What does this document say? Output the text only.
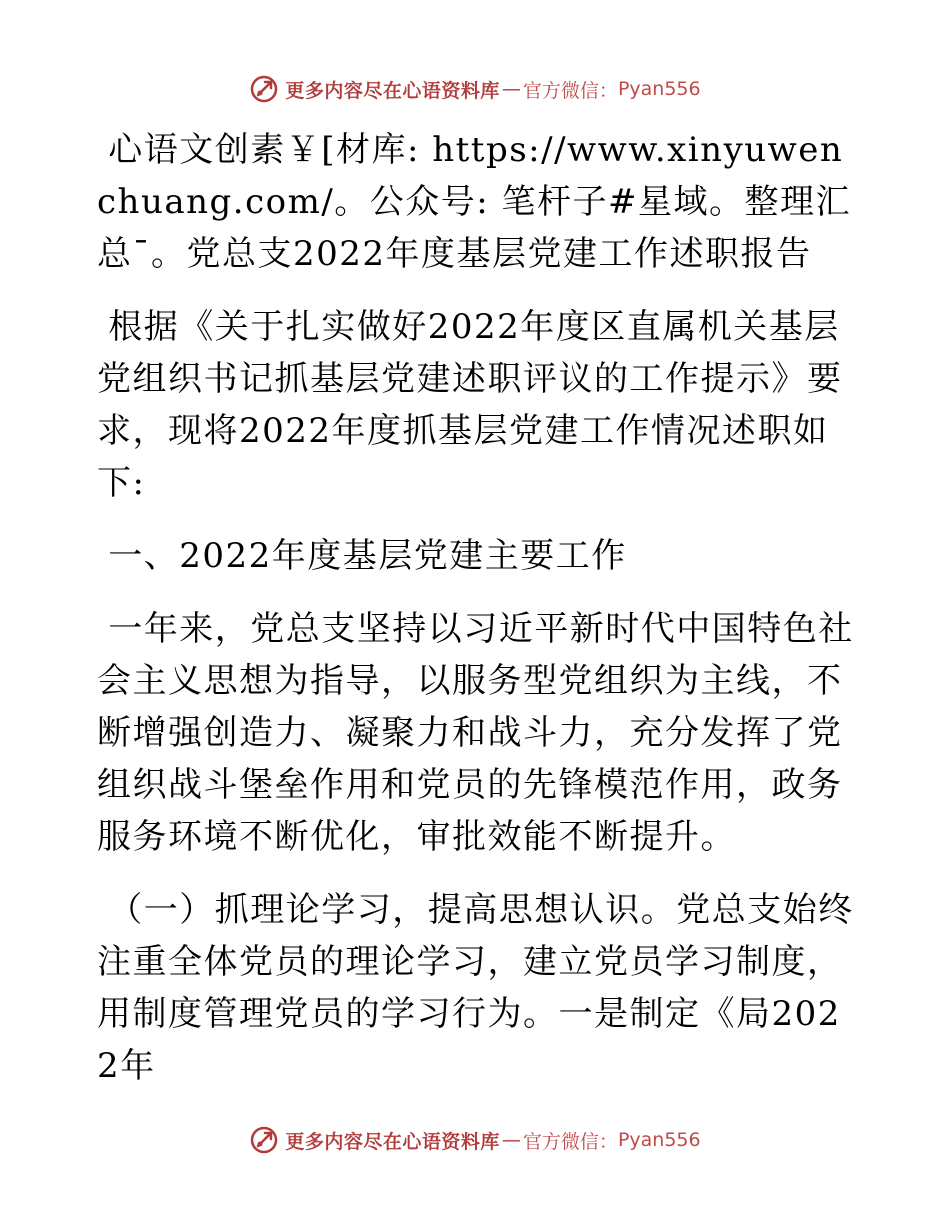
更多内容尽在心语资料库 — 官方微信： Pyan556

心语文创素￥[材库: https://www.xinyuwenchuang.com/。公众号: 笔杆子#星域。整理汇总¯。党总支2022年度基层党建工作述职报告

根据《关于扎实做好2022年度区直属机关基层党组织书记抓基层党建述职评议的工作提示》要求，现将2022年度抓基层党建工作情况述职如下:

一、2022年度基层党建主要工作

一年来，党总支坚持以习近平新时代中国特色社会主义思想为指导，以服务型党组织为主线，不断增强创造力、凝聚力和战斗力，充分发挥了党组织战斗堡垒作用和党员的先锋模范作用，政务服务环境不断优化，审批效能不断提升。

（一）抓理论学习，提高思想认识。党总支始终注重全体党员的理论学习，建立党员学习制度，用制度管理党员的学习行为。一是制定《局2022年

更多内容尽在心语资料库 — 官方微信： Pyan556
